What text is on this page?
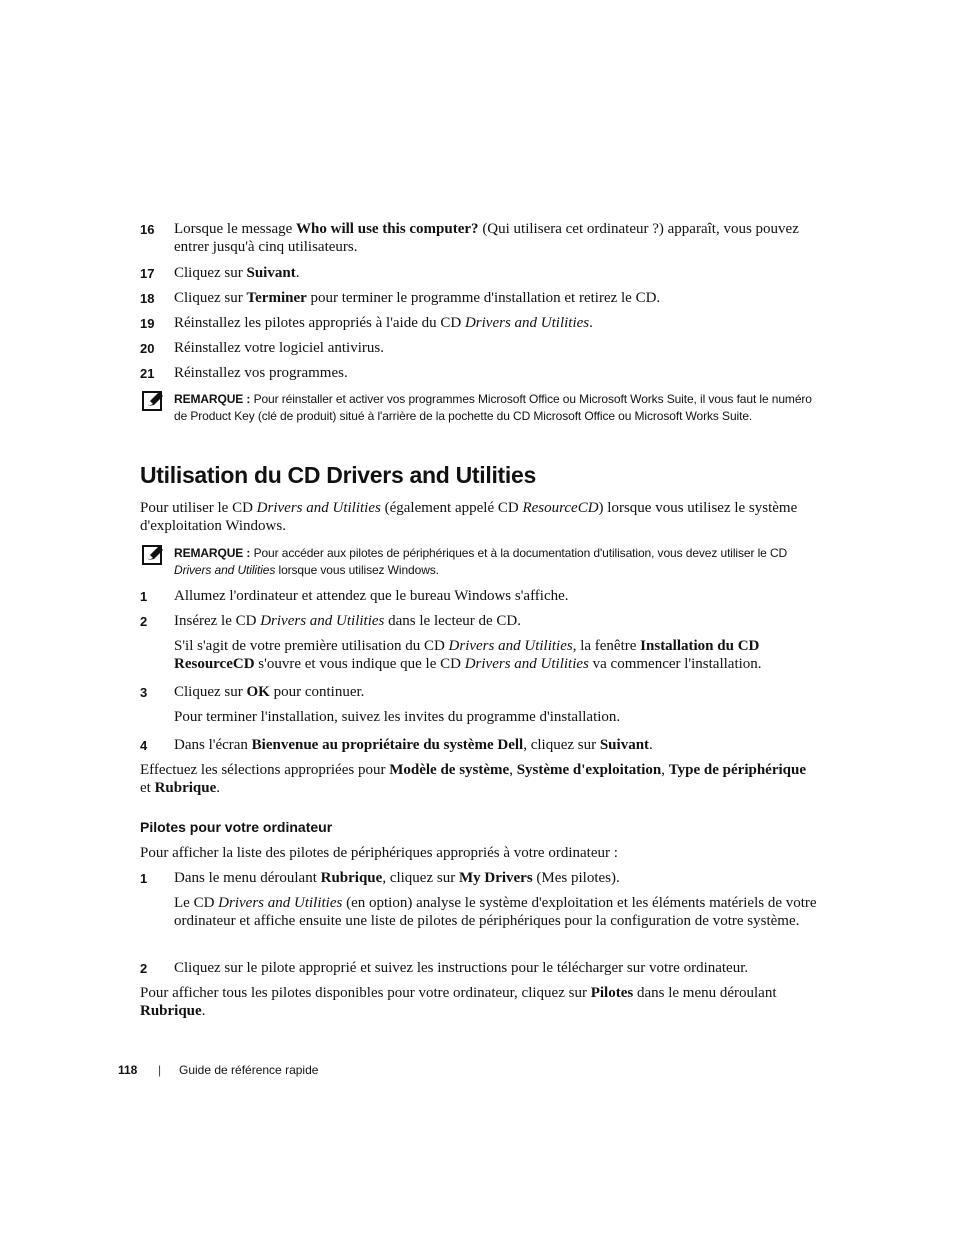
16	Lorsque le message Who will use this computer? (Qui utilisera cet ordinateur ?) apparaît, vous pouvez entrer jusqu'à cinq utilisateurs.
17	Cliquez sur Suivant.
18	Cliquez sur Terminer pour terminer le programme d'installation et retirez le CD.
19	Réinstallez les pilotes appropriés à l'aide du CD Drivers and Utilities.
20	Réinstallez votre logiciel antivirus.
21	Réinstallez vos programmes.
REMARQUE : Pour réinstaller et activer vos programmes Microsoft Office ou Microsoft Works Suite, il vous faut le numéro de Product Key (clé de produit) situé à l'arrière de la pochette du CD Microsoft Office ou Microsoft Works Suite.
Utilisation du CD Drivers and Utilities
Pour utiliser le CD Drivers and Utilities (également appelé CD ResourceCD) lorsque vous utilisez le système d'exploitation Windows.
REMARQUE : Pour accéder aux pilotes de périphériques et à la documentation d'utilisation, vous devez utiliser le CD Drivers and Utilities lorsque vous utilisez Windows.
1	Allumez l'ordinateur et attendez que le bureau Windows s'affiche.
2	Insérez le CD Drivers and Utilities dans le lecteur de CD.
S'il s'agit de votre première utilisation du CD Drivers and Utilities, la fenêtre Installation du CD ResourceCD s'ouvre et vous indique que le CD Drivers and Utilities va commencer l'installation.
3	Cliquez sur OK pour continuer.
Pour terminer l'installation, suivez les invites du programme d'installation.
4	Dans l'écran Bienvenue au propriétaire du système Dell, cliquez sur Suivant.
Effectuez les sélections appropriées pour Modèle de système, Système d'exploitation, Type de périphérique et Rubrique.
Pilotes pour votre ordinateur
Pour afficher la liste des pilotes de périphériques appropriés à votre ordinateur :
1	Dans le menu déroulant Rubrique, cliquez sur My Drivers (Mes pilotes).
Le CD Drivers and Utilities (en option) analyse le système d'exploitation et les éléments matériels de votre ordinateur et affiche ensuite une liste de pilotes de périphériques pour la configuration de votre système.
2	Cliquez sur le pilote approprié et suivez les instructions pour le télécharger sur votre ordinateur.
Pour afficher tous les pilotes disponibles pour votre ordinateur, cliquez sur Pilotes dans le menu déroulant Rubrique.
118 | Guide de référence rapide
